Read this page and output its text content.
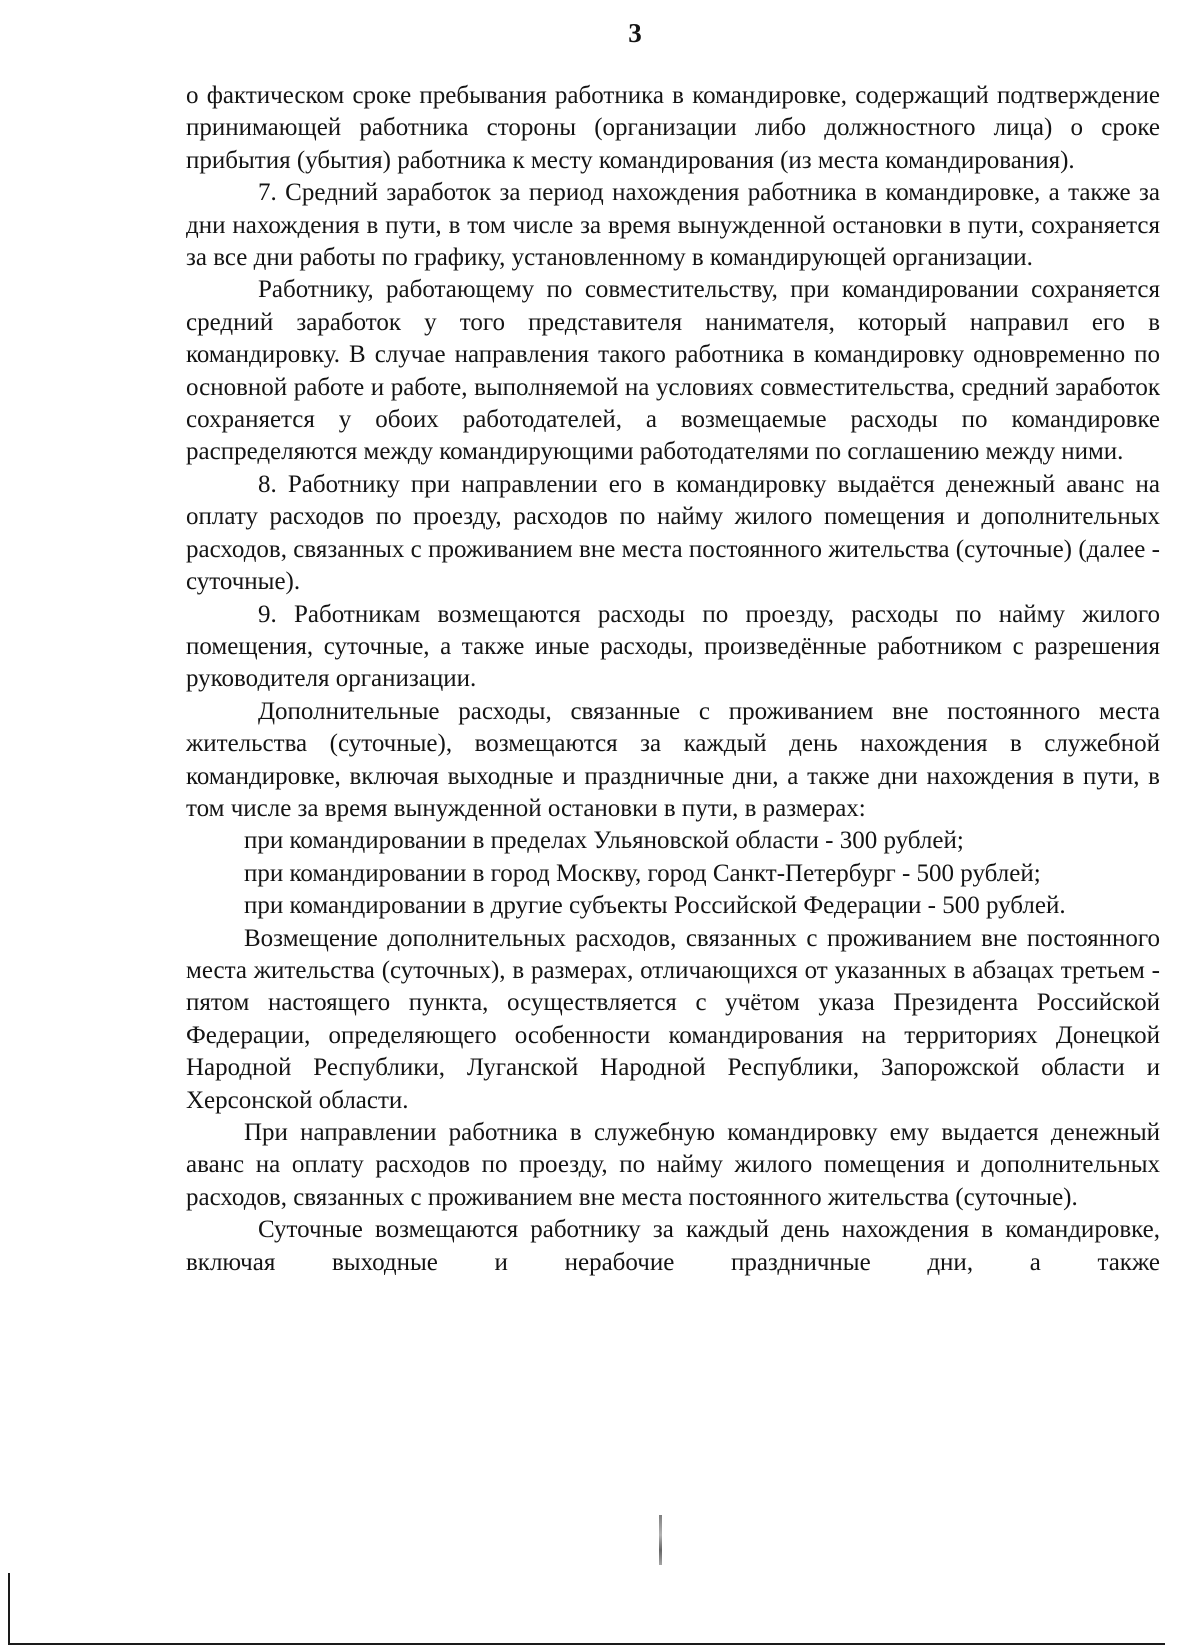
3

о фактическом сроке пребывания работника в командировке, содержащий подтверждение принимающей работника стороны (организации либо должностного лица) о сроке прибытия (убытия) работника к месту командирования (из места командирования).

7. Средний заработок за период нахождения работника в командировке, а также за дни нахождения в пути, в том числе за время вынужденной остановки в пути, сохраняется за все дни работы по графику, установленному в командирующей организации.

Работнику, работающему по совместительству, при командировании сохраняется средний заработок у того представителя нанимателя, который направил его в командировку. В случае направления такого работника в командировку одновременно по основной работе и работе, выполняемой на условиях совместительства, средний заработок сохраняется у обоих работодателей, а возмещаемые расходы по командировке распределяются между командирующими работодателями по соглашению между ними.

8. Работнику при направлении его в командировку выдаётся денежный аванс на оплату расходов по проезду, расходов по найму жилого помещения и дополнительных расходов, связанных с проживанием вне места постоянного жительства (суточные) (далее - суточные).

9. Работникам возмещаются расходы по проезду, расходы по найму жилого помещения, суточные, а также иные расходы, произведённые работником с разрешения руководителя организации.

Дополнительные расходы, связанные с проживанием вне постоянного места жительства (суточные), возмещаются за каждый день нахождения в служебной командировке, включая выходные и праздничные дни, а также дни нахождения в пути, в том числе за время вынужденной остановки в пути, в размерах:

при командировании в пределах Ульяновской области - 300 рублей;

при командировании в город Москву, город Санкт-Петербург - 500 рублей;

при командировании в другие субъекты Российской Федерации - 500 рублей.

Возмещение дополнительных расходов, связанных с проживанием вне постоянного места жительства (суточных), в размерах, отличающихся от указанных в абзацах третьем - пятом настоящего пункта, осуществляется с учётом указа Президента Российской Федерации, определяющего особенности командирования на территориях Донецкой Народной Республики, Луганской Народной Республики, Запорожской области и Херсонской области.

При направлении работника в служебную командировку ему выдается денежный аванс на оплату расходов по проезду, по найму жилого помещения и дополнительных расходов, связанных с проживанием вне места постоянного жительства (суточные).

Суточные возмещаются работнику за каждый день нахождения в командировке, включая выходные и нерабочие праздничные дни, а также
